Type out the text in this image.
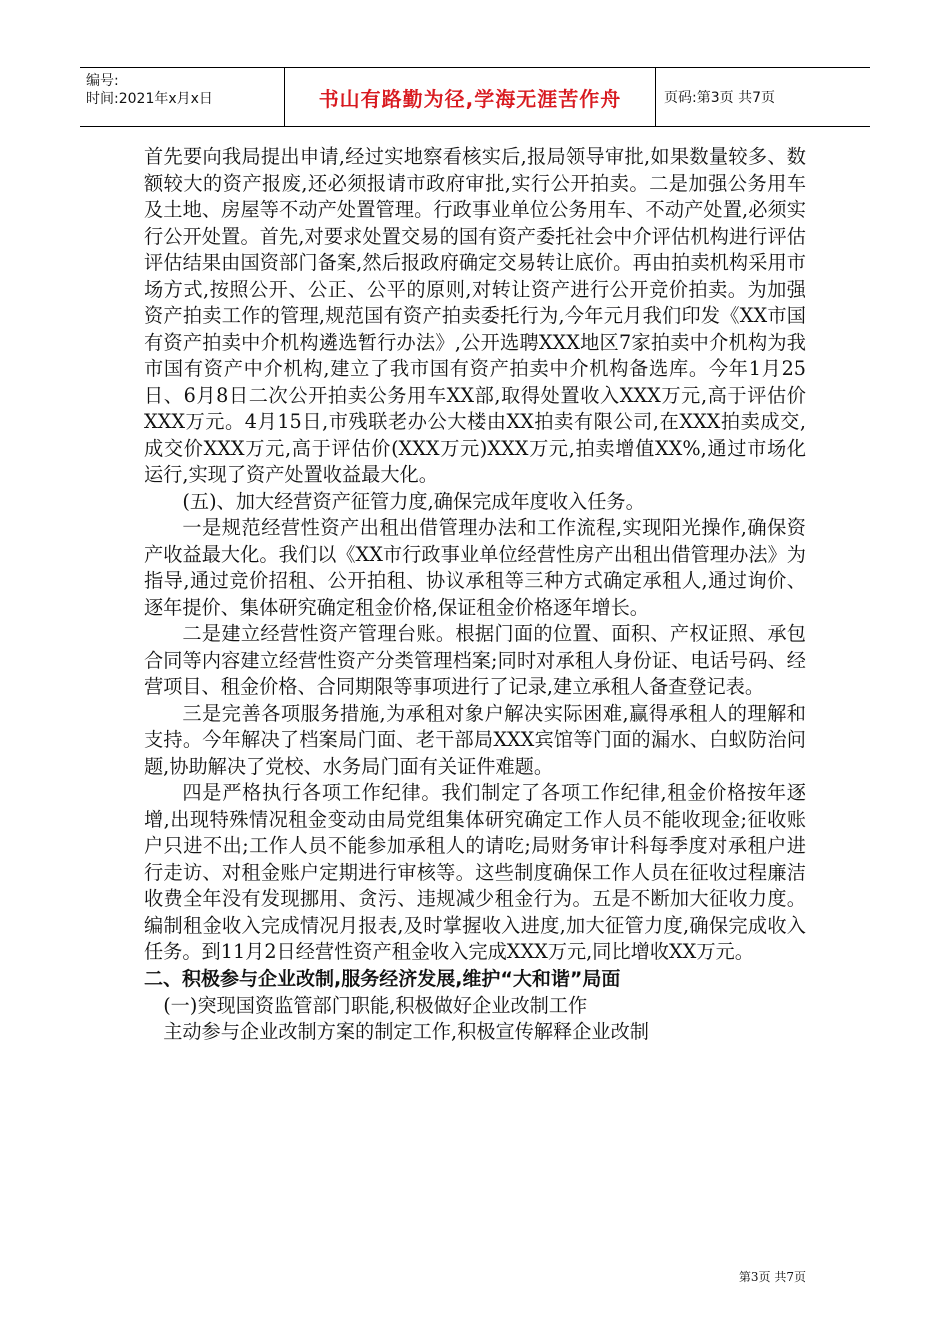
编号:
时间:2021年x月x日	书山有路勤为径,学海无涯苦作舟	页码:第3页 共7页

首先要向我局提出申请,经过实地察看核实后,报局领导审批,如果数量较多、数额较大的资产报废,还必须报请市政府审批,实行公开拍卖。二是加强公务用车及土地、房屋等不动产处置管理。行政事业单位公务用车、不动产处置,必须实行公开处置。首先,对要求处置交易的国有资产委托社会中介评估机构进行评估评估结果由国资部门备案,然后报政府确定交易转让底价。再由拍卖机构采用市场方式,按照公开、公正、公平的原则,对转让资产进行公开竞价拍卖。为加强资产拍卖工作的管理,规范国有资产拍卖委托行为,今年元月我们印发《XX市国有资产拍卖中介机构遴选暂行办法》,公开选聘XXX地区7家拍卖中介机构为我市国有资产中介机构,建立了我市国有资产拍卖中介机构备选库。今年1月25日、6月8日二次公开拍卖公务用车XX部,取得处置收入XXX万元,高于评估价XXX万元。4月15日,市残联老办公大楼由XX拍卖有限公司,在XXX拍卖成交,成交价XXX万元,高于评估价(XXX万元)XXX万元,拍卖增值XX%,通过市场化运行,实现了资产处置收益最大化。

(五)、加大经营资产征管力度,确保完成年度收入任务。

一是规范经营性资产出租出借管理办法和工作流程,实现阳光操作,确保资产收益最大化。我们以《XX市行政事业单位经营性房产出租出借管理办法》为指导,通过竞价招租、公开拍租、协议承租等三种方式确定承租人,通过询价、逐年提价、集体研究确定租金价格,保证租金价格逐年增长。

二是建立经营性资产管理台账。根据门面的位置、面积、产权证照、承包合同等内容建立经营性资产分类管理档案;同时对承租人身份证、电话号码、经营项目、租金价格、合同期限等事项进行了记录,建立承租人备查登记表。

三是完善各项服务措施,为承租对象户解决实际困难,赢得承租人的理解和支持。今年解决了档案局门面、老干部局XXX宾馆等门面的漏水、白蚁防治问题,协助解决了党校、水务局门面有关证件难题。

四是严格执行各项工作纪律。我们制定了各项工作纪律,租金价格按年逐增,出现特殊情况租金变动由局党组集体研究确定工作人员不能收现金;征收账户只进不出;工作人员不能参加承租人的请吃;局财务审计科每季度对承租户进行走访、对租金账户定期进行审核等。这些制度确保工作人员在征收过程廉洁收费全年没有发现挪用、贪污、违规减少租金行为。五是不断加大征收力度。编制租金收入完成情况月报表,及时掌握收入进度,加大征管力度,确保完成收入任务。到11月2日经营性资产租金收入完成XXX万元,同比增收XX万元。

二、积极参与企业改制,服务经济发展,维护“大和谐”局面

(一)突现国资监管部门职能,积极做好企业改制工作

主动参与企业改制方案的制定工作,积极宣传解释企业改制

第3页 共7页
